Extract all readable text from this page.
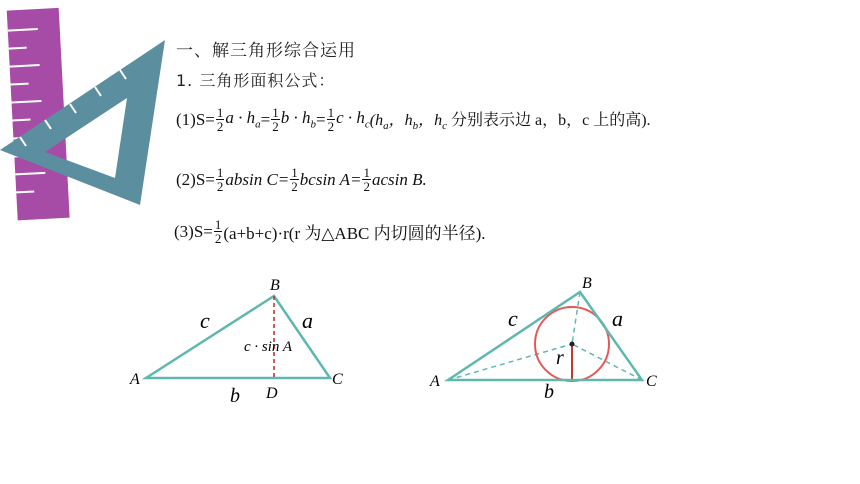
一、解三角形综合运用
1. 三角形面积公式：
$(1)S= \frac{1}{2}$ $a \cdot h_a = \frac{1}{2}$ $b \cdot h_b = \frac{1}{2}$ $c \cdot h_c$ ($h_a$，$h_b$，$h_c$ 分别表示边 a，b，c 上的高).
$(2)S= \frac{1}{2}$ absin $C= \frac{1}{2}$ bcsin $A= \frac{1}{2}$ acsin B.
$(3)S= \frac{1}{2} (a+b+c)\cdot r(r$ 为△ABC 内切圆的半径).
A
B
C
D
c	a
b
c · sin A
A
B
C
c	a
b
r
